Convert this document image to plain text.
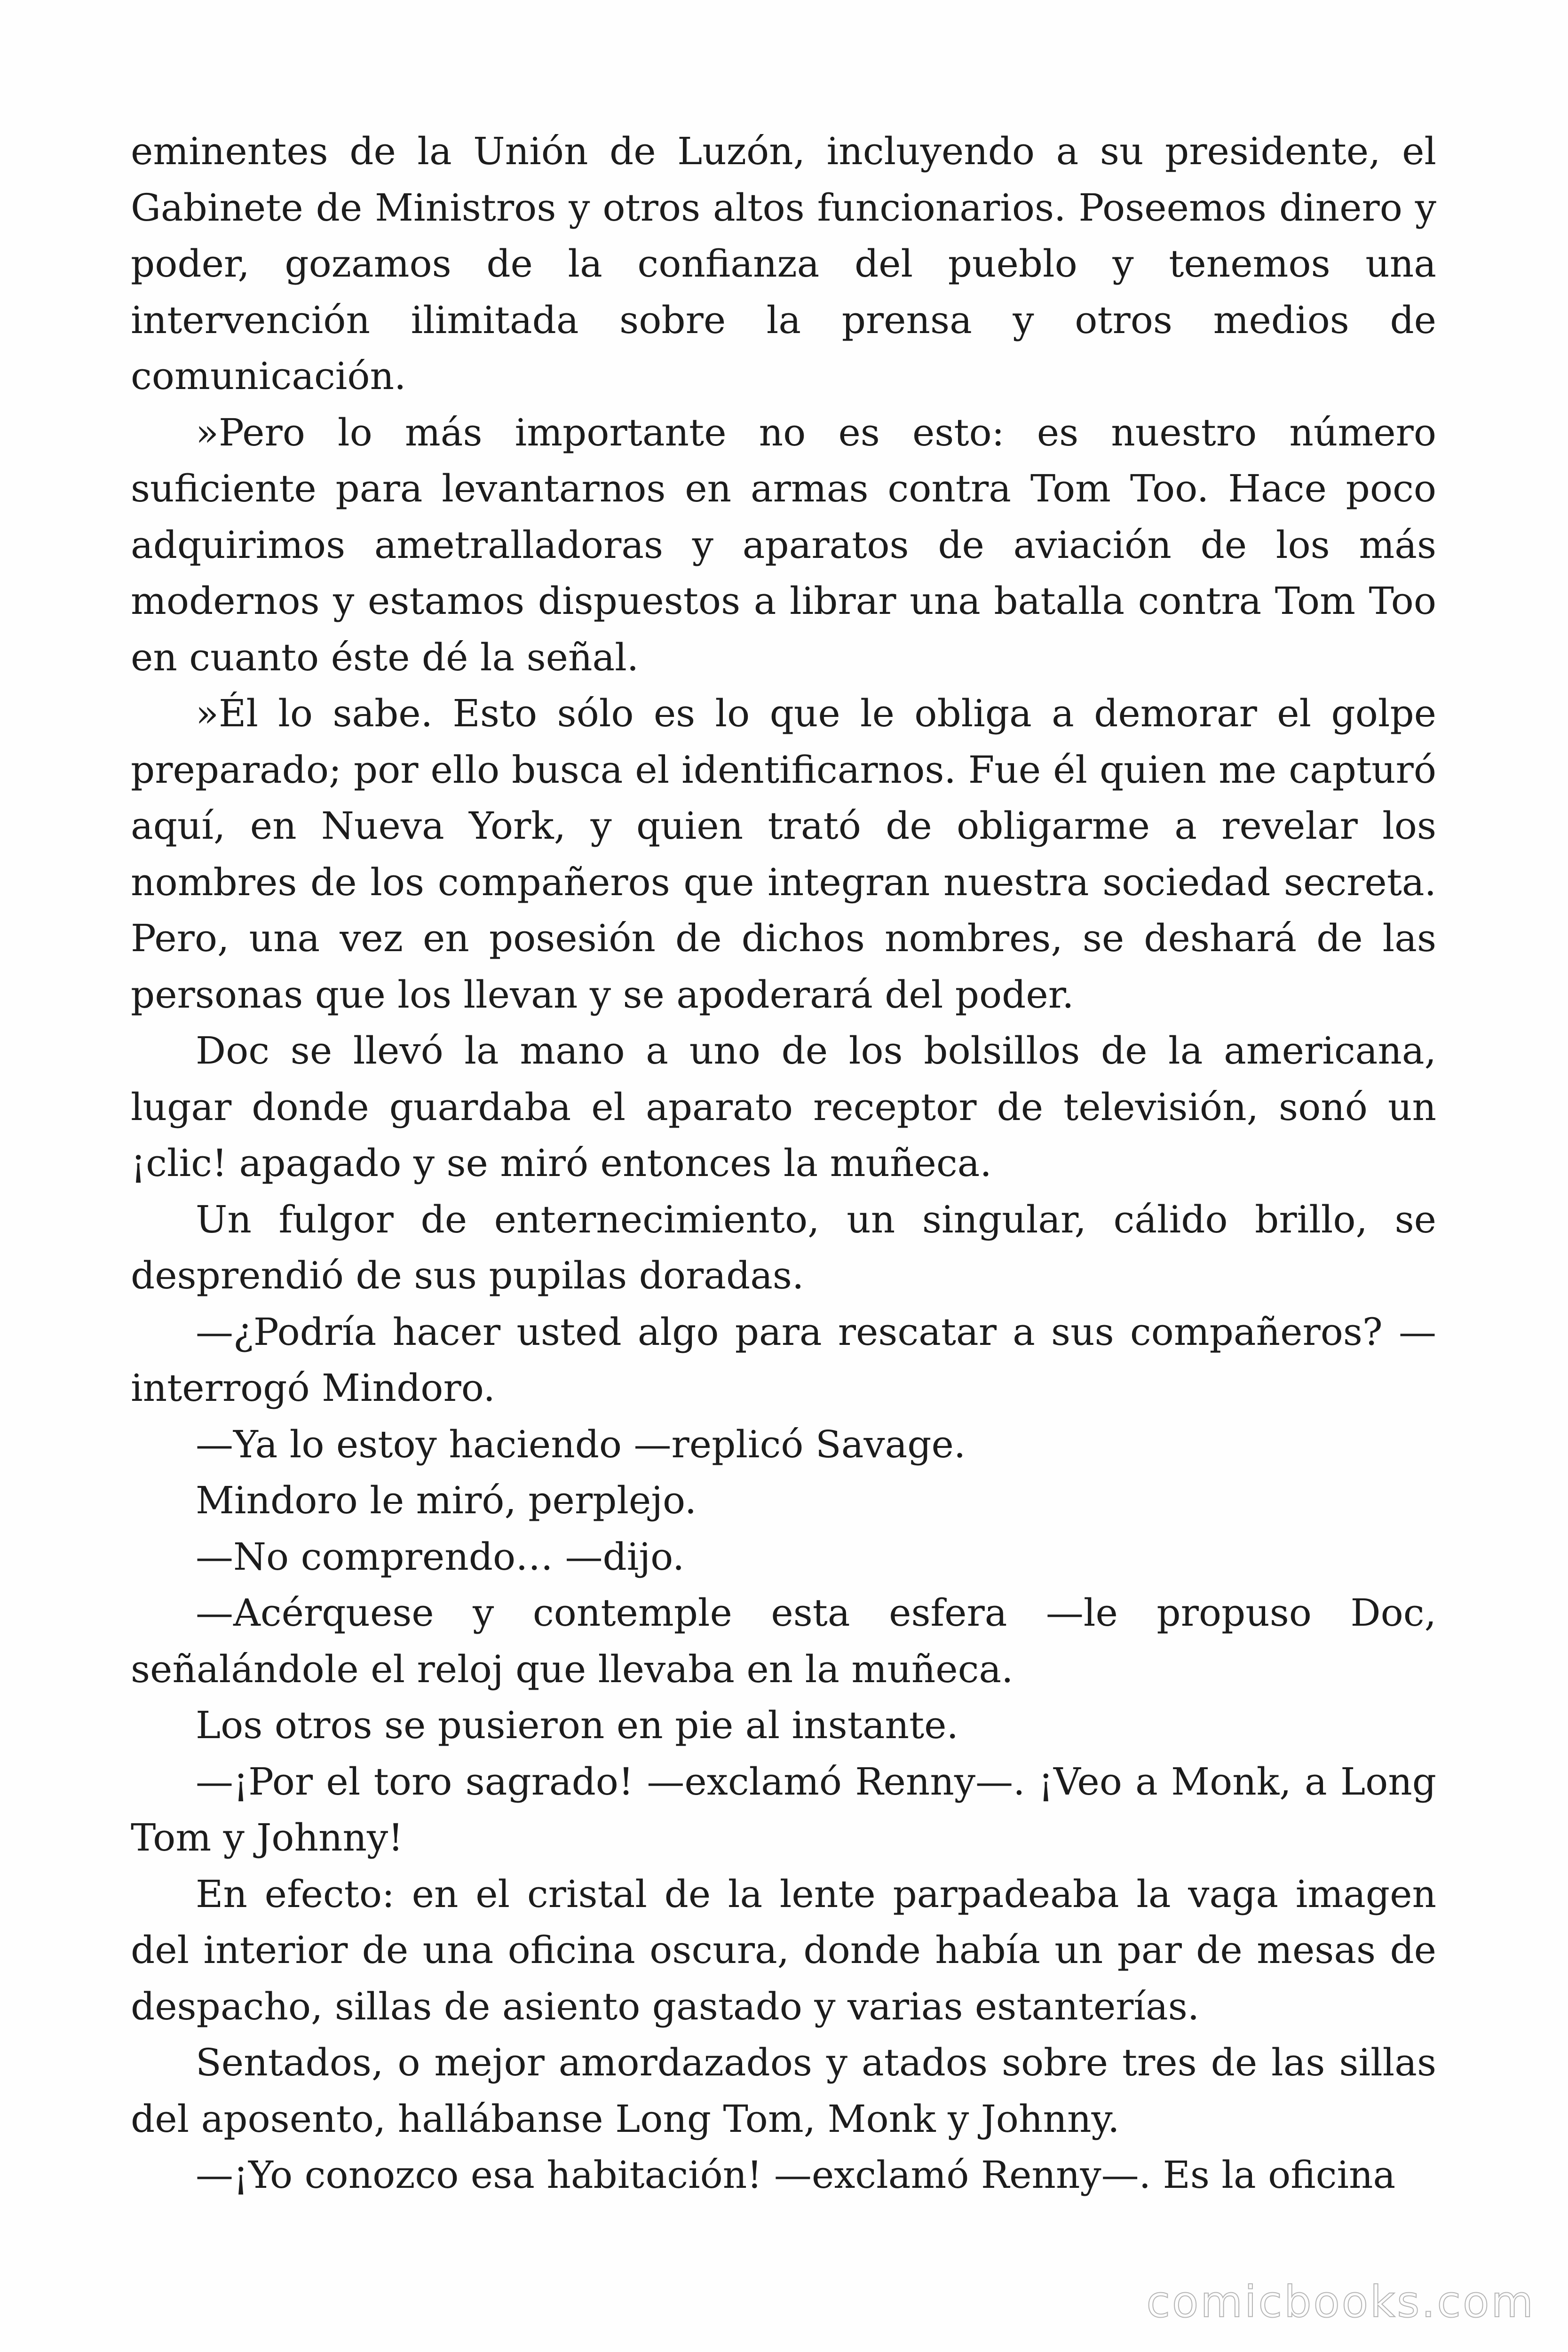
eminentes de la Unión de Luzón, incluyendo a su presidente, el Gabinete de Ministros y otros altos funcionarios. Poseemos dinero y poder, gozamos de la confianza del pueblo y tenemos una intervención ilimitada sobre la prensa y otros medios de comunicación.

»Pero lo más importante no es esto: es nuestro número suficiente para levantarnos en armas contra Tom Too. Hace poco adquirimos ametralladoras y aparatos de aviación de los más modernos y estamos dispuestos a librar una batalla contra Tom Too en cuanto éste dé la señal.

»Él lo sabe. Esto sólo es lo que le obliga a demorar el golpe preparado; por ello busca el identificarnos. Fue él quien me capturó aquí, en Nueva York, y quien trató de obligarme a revelar los nombres de los compañeros que integran nuestra sociedad secreta. Pero, una vez en posesión de dichos nombres, se deshará de las personas que los llevan y se apoderará del poder.

Doc se llevó la mano a uno de los bolsillos de la americana, lugar donde guardaba el aparato receptor de televisión, sonó un ¡clic! apagado y se miró entonces la muñeca.

Un fulgor de enternecimiento, un singular, cálido brillo, se desprendió de sus pupilas doradas.

—¿Podría hacer usted algo para rescatar a sus compañeros? —interrogó Mindoro.

—Ya lo estoy haciendo —replicó Savage.

Mindoro le miró, perplejo.

—No comprendo… —dijo.

—Acérquese y contemple esta esfera —le propuso Doc, señalándole el reloj que llevaba en la muñeca.

Los otros se pusieron en pie al instante.

—¡Por el toro sagrado! —exclamó Renny—. ¡Veo a Monk, a Long Tom y Johnny!

En efecto: en el cristal de la lente parpadeaba la vaga imagen del interior de una oficina oscura, donde había un par de mesas de despacho, sillas de asiento gastado y varias estanterías.

Sentados, o mejor amordazados y atados sobre tres de las sillas del aposento, hallábanse Long Tom, Monk y Johnny.

—¡Yo conozco esa habitación! —exclamó Renny—. Es la oficina

comicbooks.com
